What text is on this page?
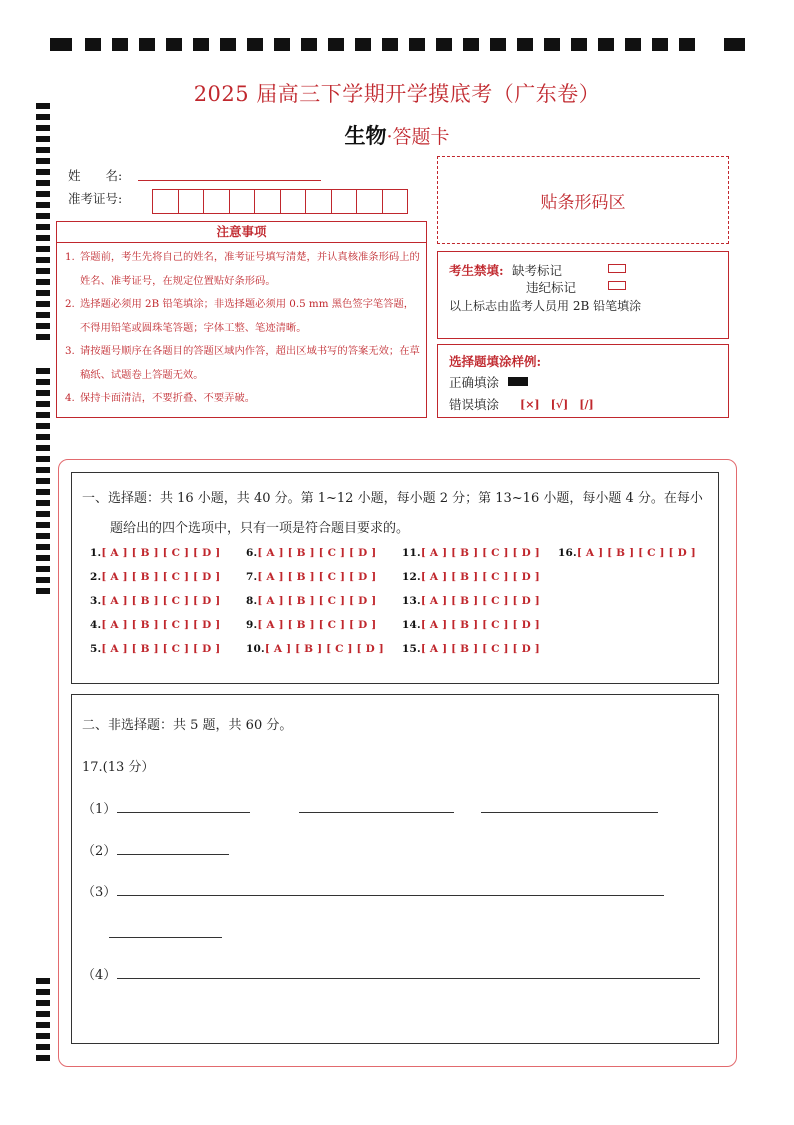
2025 届高三下学期开学摸底考（广东卷）
生物·答题卡
姓　　名:
准考证号:	贴条形码区
注意事项
1. 答题前，考生先将自己的姓名，准考证号填写清楚，并认真核准条形码上的姓名、准考证号，在规定位置贴好条形码。
2. 选择题必须用 2B 铅笔填涂；非选择题必须用 0.5 mm 黑色签字笔答题，不得用铅笔或圆珠笔答题；字体工整、笔迹清晰。
3. 请按题号顺序在各题目的答题区域内作答，超出区域书写的答案无效；在草稿纸、试题卷上答题无效。
4. 保持卡面清洁，不要折叠、不要弄破。
考生禁填: 缺考标记
违纪标记
以上标志由监考人员用 2B 铅笔填涂
选择题填涂样例:
正确填涂
错误填涂 [×]　[√]　[/]
一、选择题：共 16 小题，共 40 分。第 1~12 小题，每小题 2 分；第 13~16 小题，每小题 4 分。在每小
题给出的四个选项中，只有一项是符合题目要求的。
1.[ A ] [ B ] [ C ] [ D ]
2.[ A ] [ B ] [ C ] [ D ]
3.[ A ] [ B ] [ C ] [ D ]
4.[ A ] [ B ] [ C ] [ D ]
5.[ A ] [ B ] [ C ] [ D ]
6.[ A ] [ B ] [ C ] [ D ]
7.[ A ] [ B ] [ C ] [ D ]
8.[ A ] [ B ] [ C ] [ D ]
9.[ A ] [ B ] [ C ] [ D ]
10.[ A ] [ B ] [ C ] [ D ]
11.[ A ] [ B ] [ C ] [ D ]
12.[ A ] [ B ] [ C ] [ D ]
13.[ A ] [ B ] [ C ] [ D ]
14.[ A ] [ B ] [ C ] [ D ]
15.[ A ] [ B ] [ C ] [ D ]
16.[ A ] [ B ] [ C ] [ D ]
二、非选择题：共 5 题，共 60 分。
17.(13 分）
（1）
（2）
（3）
（4）
